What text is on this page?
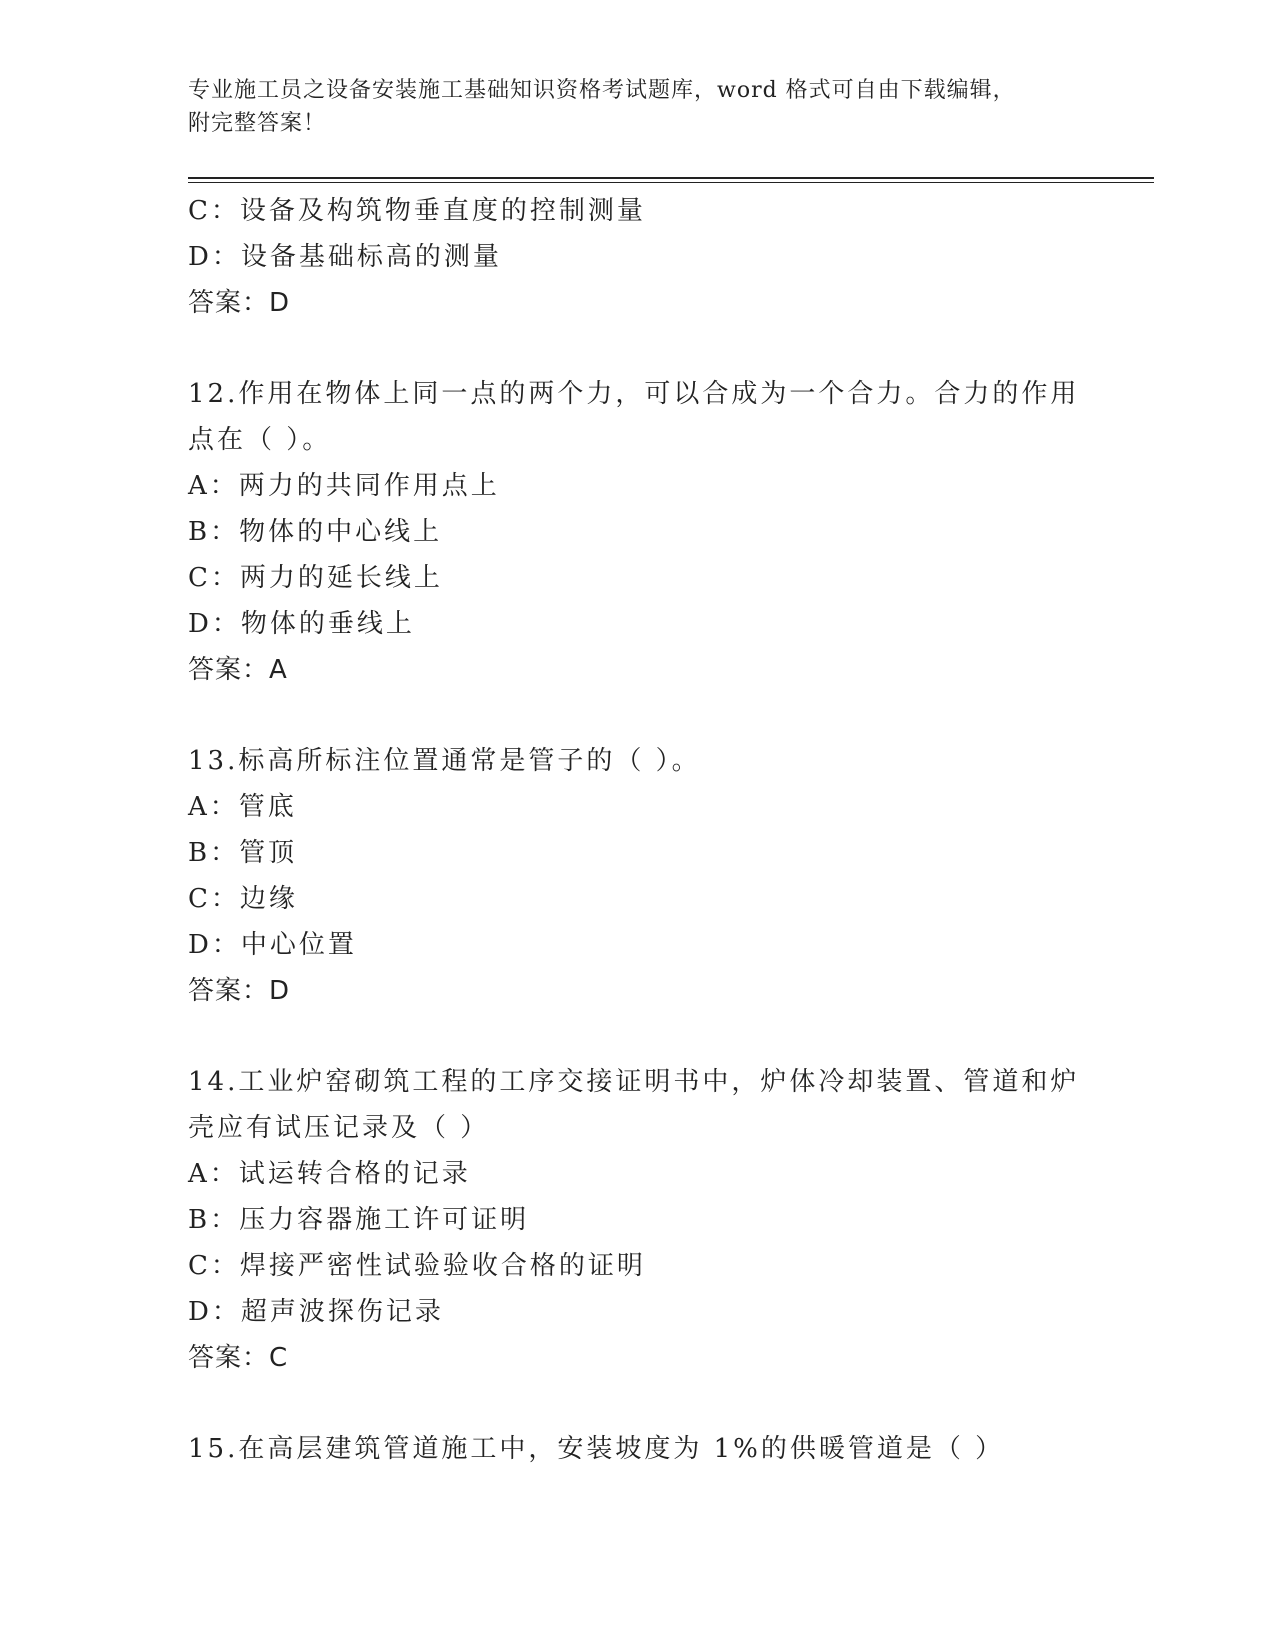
专业施工员之设备安装施工基础知识资格考试题库，word 格式可自由下载编辑，
附完整答案！
C：设备及构筑物垂直度的控制测量
D：设备基础标高的测量
答案：D
12.作用在物体上同一点的两个力，可以合成为一个合力。合力的作用
点在（ ）。
A：两力的共同作用点上
B：物体的中心线上
C：两力的延长线上
D：物体的垂线上
答案：A
13.标高所标注位置通常是管子的（ ）。
A：管底
B：管顶
C：边缘
D：中心位置
答案：D
14.工业炉窑砌筑工程的工序交接证明书中，炉体冷却装置、管道和炉
壳应有试压记录及（ ）
A：试运转合格的记录
B：压力容器施工许可证明
C：焊接严密性试验验收合格的证明
D：超声波探伤记录
答案：C
15.在高层建筑管道施工中，安装坡度为 1%的供暖管道是（ ）
